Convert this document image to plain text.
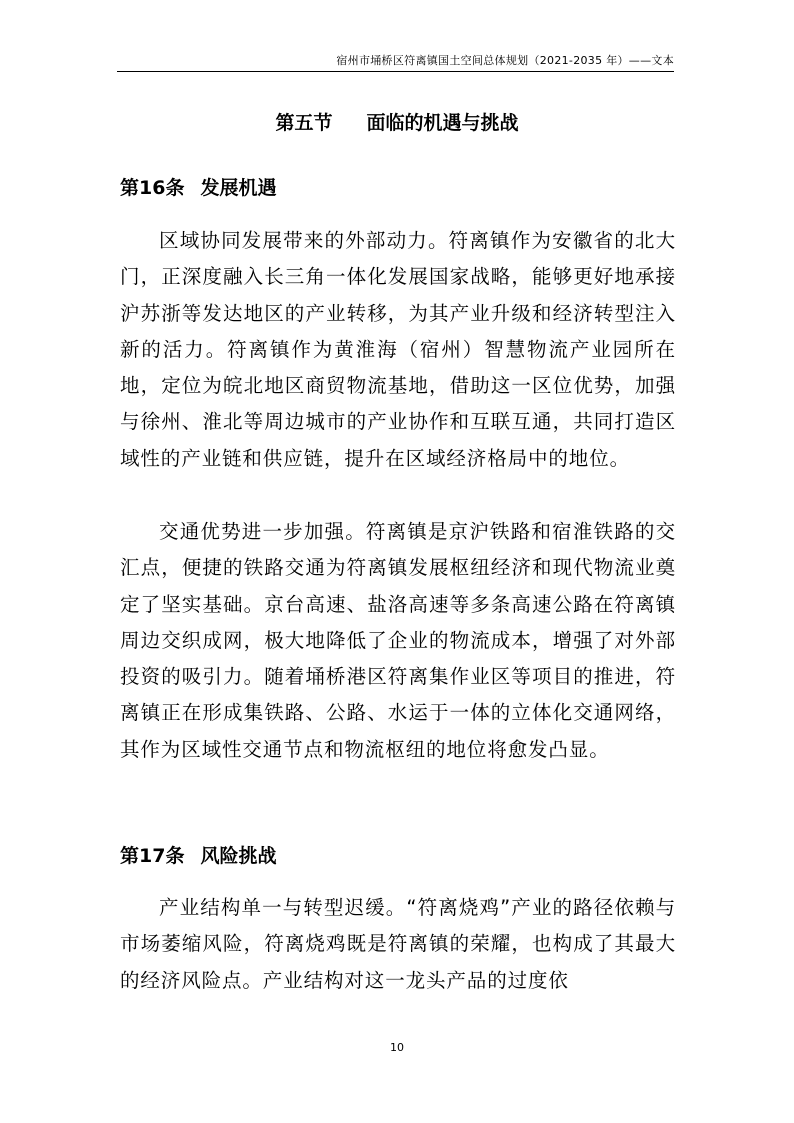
宿州市埇桥区符离镇国土空间总体规划（2021-2035 年）——文本
第五节 面临的机遇与挑战
第16条 发展机遇

区域协同发展带来的外部动力。符离镇作为安徽省的北大门，正深度融入长三角一体化发展国家战略，能够更好地承接沪苏浙等发达地区的产业转移，为其产业升级和经济转型注入新的活力。符离镇作为黄淮海（宿州）智慧物流产业园所在地，定位为皖北地区商贸物流基地，借助这一区位优势，加强与徐州、淮北等周边城市的产业协作和互联互通，共同打造区域性的产业链和供应链，提升在区域经济格局中的地位。

交通优势进一步加强。符离镇是京沪铁路和宿淮铁路的交汇点，便捷的铁路交通为符离镇发展枢纽经济和现代物流业奠定了坚实基础。京台高速、盐洛高速等多条高速公路在符离镇周边交织成网，极大地降低了企业的物流成本，增强了对外部投资的吸引力。随着埇桥港区符离集作业区等项目的推进，符离镇正在形成集铁路、公路、水运于一体的立体化交通网络，其作为区域性交通节点和物流枢纽的地位将愈发凸显。

第17条 风险挑战

产业结构单一与转型迟缓。“符离烧鸡”产业的路径依赖与市场萎缩风险，符离烧鸡既是符离镇的荣耀，也构成了其最大的经济风险点。产业结构对这一龙头产品的过度依

10
